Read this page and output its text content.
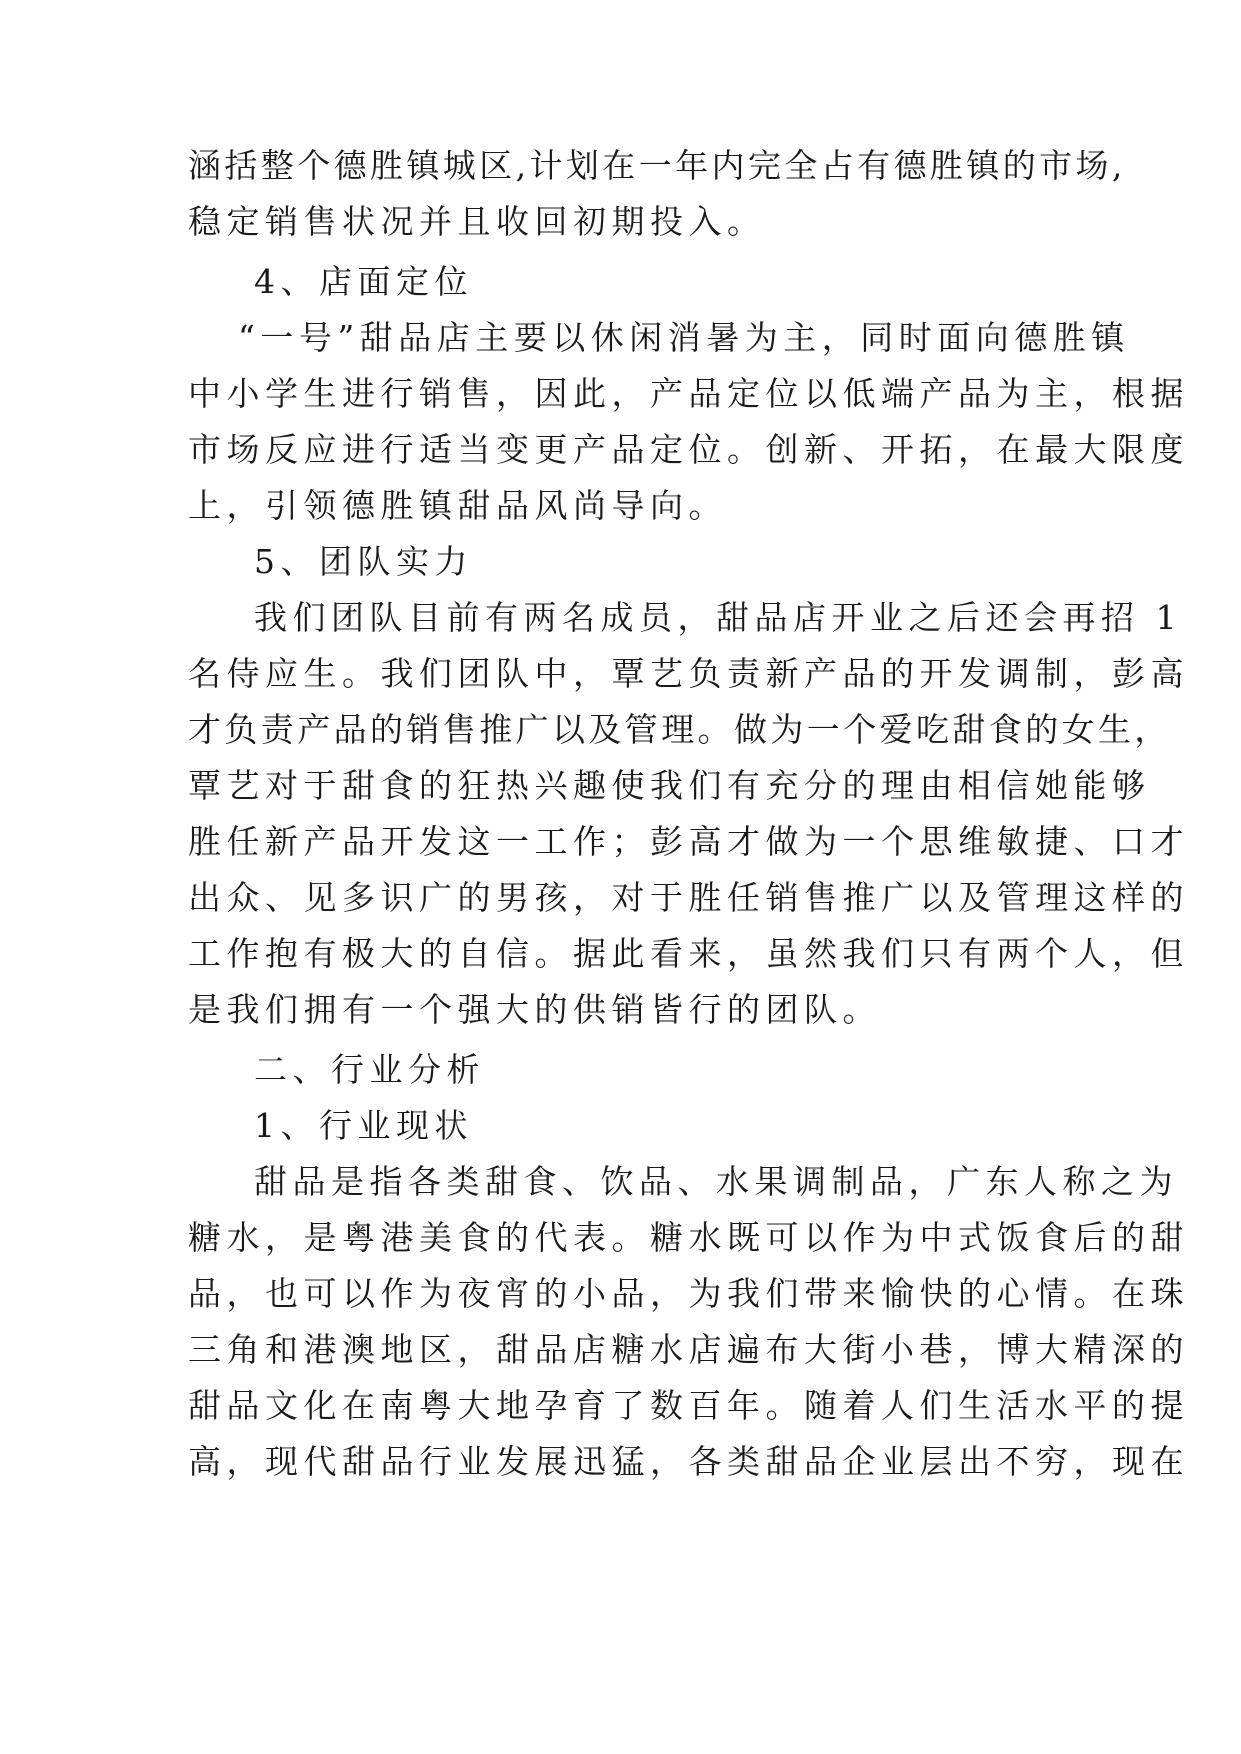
涵括整个德胜镇城区,计划在一年内完全占有德胜镇的市场,

稳定销售状况并且收回初期投入。

4、店面定位

“一号”甜品店主要以休闲消暑为主，同时面向德胜镇

中小学生进行销售，因此，产品定位以低端产品为主，根据

市场反应进行适当变更产品定位。创新、开拓，在最大限度

上，引领德胜镇甜品风尚导向。

5、团队实力

我们团队目前有两名成员，甜品店开业之后还会再招 1

名侍应生。我们团队中，覃艺负责新产品的开发调制，彭高

才负责产品的销售推广以及管理。做为一个爱吃甜食的女生，

覃艺对于甜食的狂热兴趣使我们有充分的理由相信她能够

胜任新产品开发这一工作；彭高才做为一个思维敏捷、口才

出众、见多识广的男孩，对于胜任销售推广以及管理这样的

工作抱有极大的自信。据此看来，虽然我们只有两个人，但

是我们拥有一个强大的供销皆行的团队。

二、行业分析

1、行业现状

甜品是指各类甜食、饮品、水果调制品，广东人称之为

糖水，是粤港美食的代表。糖水既可以作为中式饭食后的甜

品，也可以作为夜宵的小品，为我们带来愉快的心情。在珠

三角和港澳地区，甜品店糖水店遍布大街小巷，博大精深的

甜品文化在南粤大地孕育了数百年。随着人们生活水平的提

高，现代甜品行业发展迅猛，各类甜品企业层出不穷，现在
